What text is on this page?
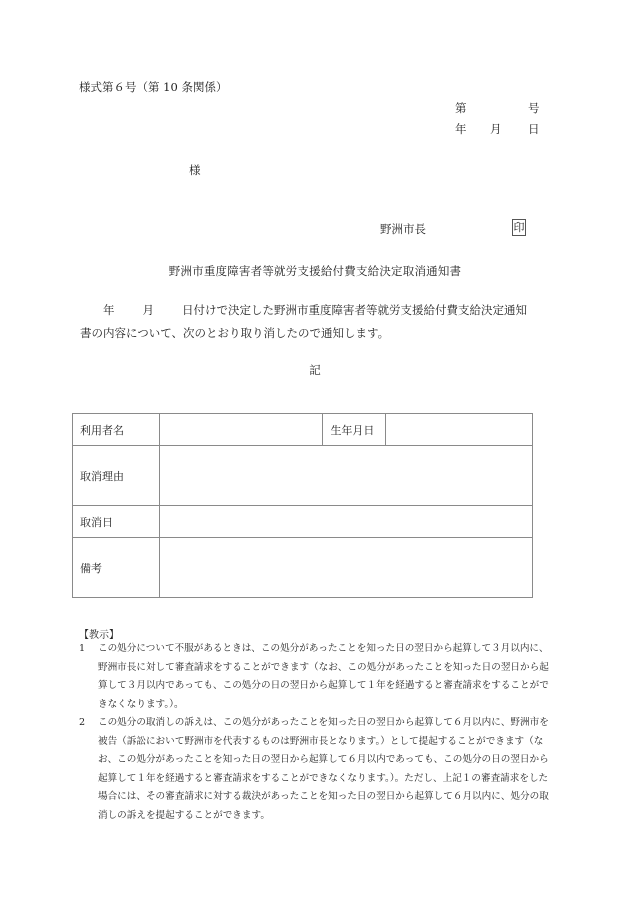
様式第６号（第 10 条関係）
第	号
年 月 日
様
野洲市長	印
野洲市重度障害者等就労支援給付費支給決定取消通知書
年 月 日付けで決定した野洲市重度障害者等就労支援給付費支給決定通知
書の内容について、次のとおり取り消したので通知します。
記
利用者名		生年月日	
取消理由			
取消日			
備考			
【教示】
1	この処分について不服があるときは、この処分があったことを知った日の翌日から起算して３月以内に、野洲市長に対して審査請求をすることができます（なお、この処分があったことを知った日の翌日から起算して３月以内であっても、この処分の日の翌日から起算して１年を経過すると審査請求をすることができなくなります。）。
2	この処分の取消しの訴えは、この処分があったことを知った日の翌日から起算して６月以内に、野洲市を被告（訴訟において野洲市を代表するものは野洲市長となります。）として提起することができます（なお、この処分があったことを知った日の翌日から起算して６月以内であっても、この処分の日の翌日から起算して１年を経過すると審査請求をすることができなくなります。）。ただし、上記１の審査請求をした場合には、その審査請求に対する裁決があったことを知った日の翌日から起算して６月以内に、処分の取消しの訴えを提起することができます。
